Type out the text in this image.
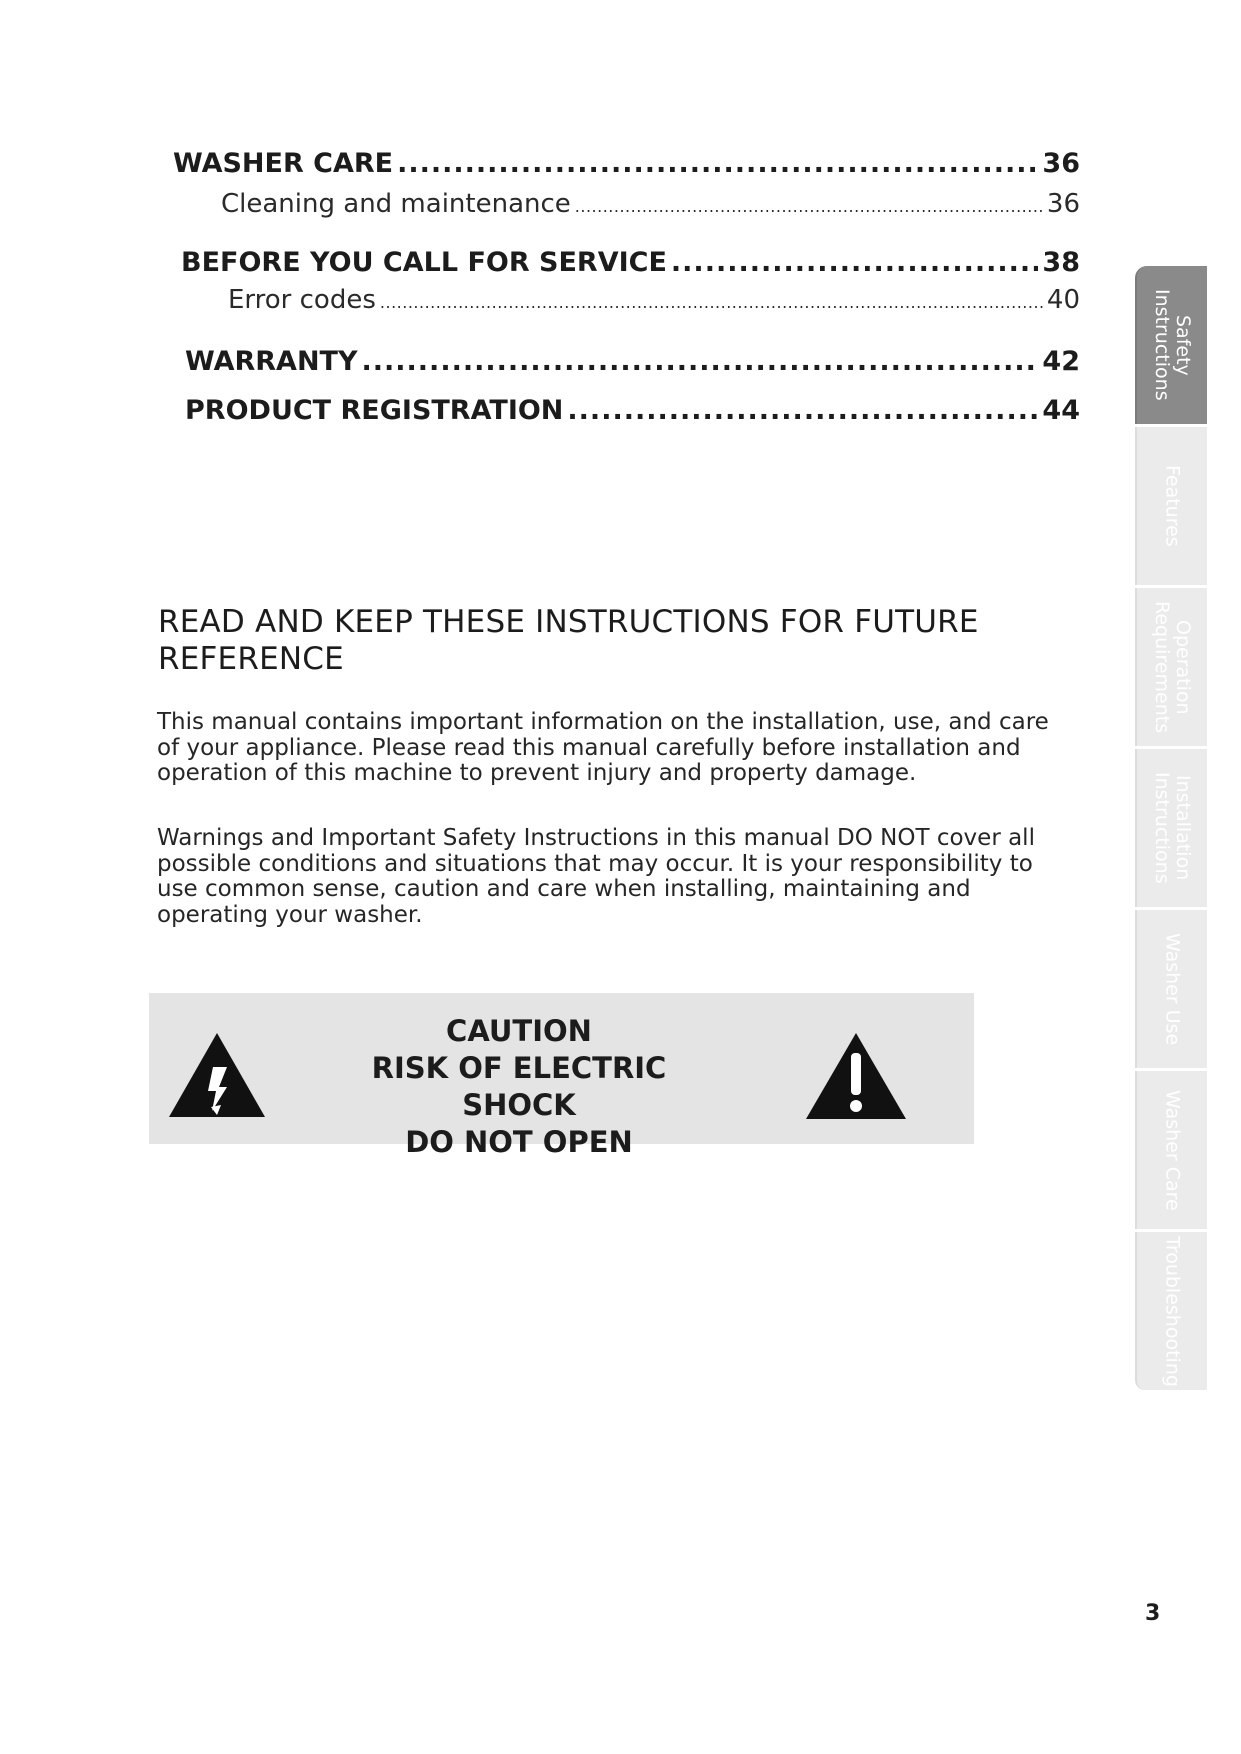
WASHER CARE .....	36
Cleaning and maintenance .....	36
BEFORE YOU CALL FOR SERVICE .....	38
Error codes .....	40
WARRANTY .....	42
PRODUCT REGISTRATION .....	44
READ AND KEEP THESE INSTRUCTIONS FOR FUTURE REFERENCE

This manual contains important information on the installation, use, and care of your appliance. Please read this manual carefully before installation and operation of this machine to prevent injury and property damage.

Warnings and Important Safety Instructions in this manual DO NOT cover all possible conditions and situations that may occur. It is your responsibility to use common sense, caution and care when installing, maintaining and operating your washer.

CAUTION
RISK OF ELECTRIC SHOCK
DO NOT OPEN
Safety
Instructions
Features
Operation
Requirements
Installation
Instructions
Washer Use
Washer Care
Troubleshooting
3
